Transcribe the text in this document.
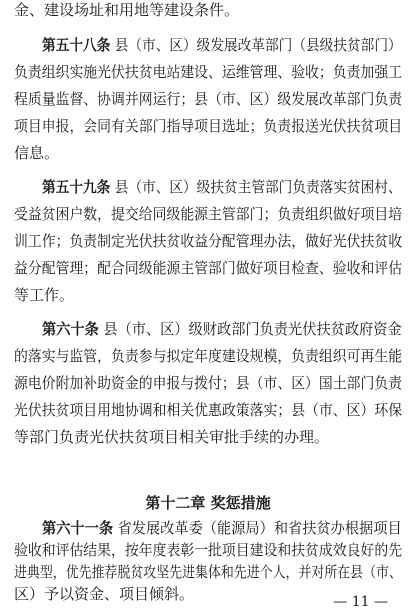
金、建设场址和用地等建设条件。
第五十八条 县（市、区）级发展改革部门（县级扶贫部门）
负责组织实施光伏扶贫电站建设、运维管理、验收；负责加强工
程质量监督、协调并网运行；县（市、区）级发展改革部门负责
项目申报，会同有关部门指导项目选址；负责报送光伏扶贫项目
信息。
第五十九条 县（市、区）级扶贫主管部门负责落实贫困村、
受益贫困户数，提交给同级能源主管部门；负责组织做好项目培
训工作；负责制定光伏扶贫收益分配管理办法，做好光伏扶贫收
益分配管理；配合同级能源主管部门做好项目检查、验收和评估
等工作。
第六十条 县（市、区）级财政部门负责光伏扶贫政府资金
的落实与监管，负责参与拟定年度建设规模，负责组织可再生能
源电价附加补助资金的申报与拨付；县（市、区）国土部门负责
光伏扶贫项目用地协调和相关优惠政策落实；县（市、区）环保
等部门负责光伏扶贫项目相关审批手续的办理。
第十二章 奖惩措施
第六十一条 省发展改革委（能源局）和省扶贫办根据项目
验收和评估结果，按年度表彰一批项目建设和扶贫成效良好的先
进典型，优先推荐脱贫攻坚先进集体和先进个人，并对所在县（市、
区）予以资金、项目倾斜。	— 11 —
